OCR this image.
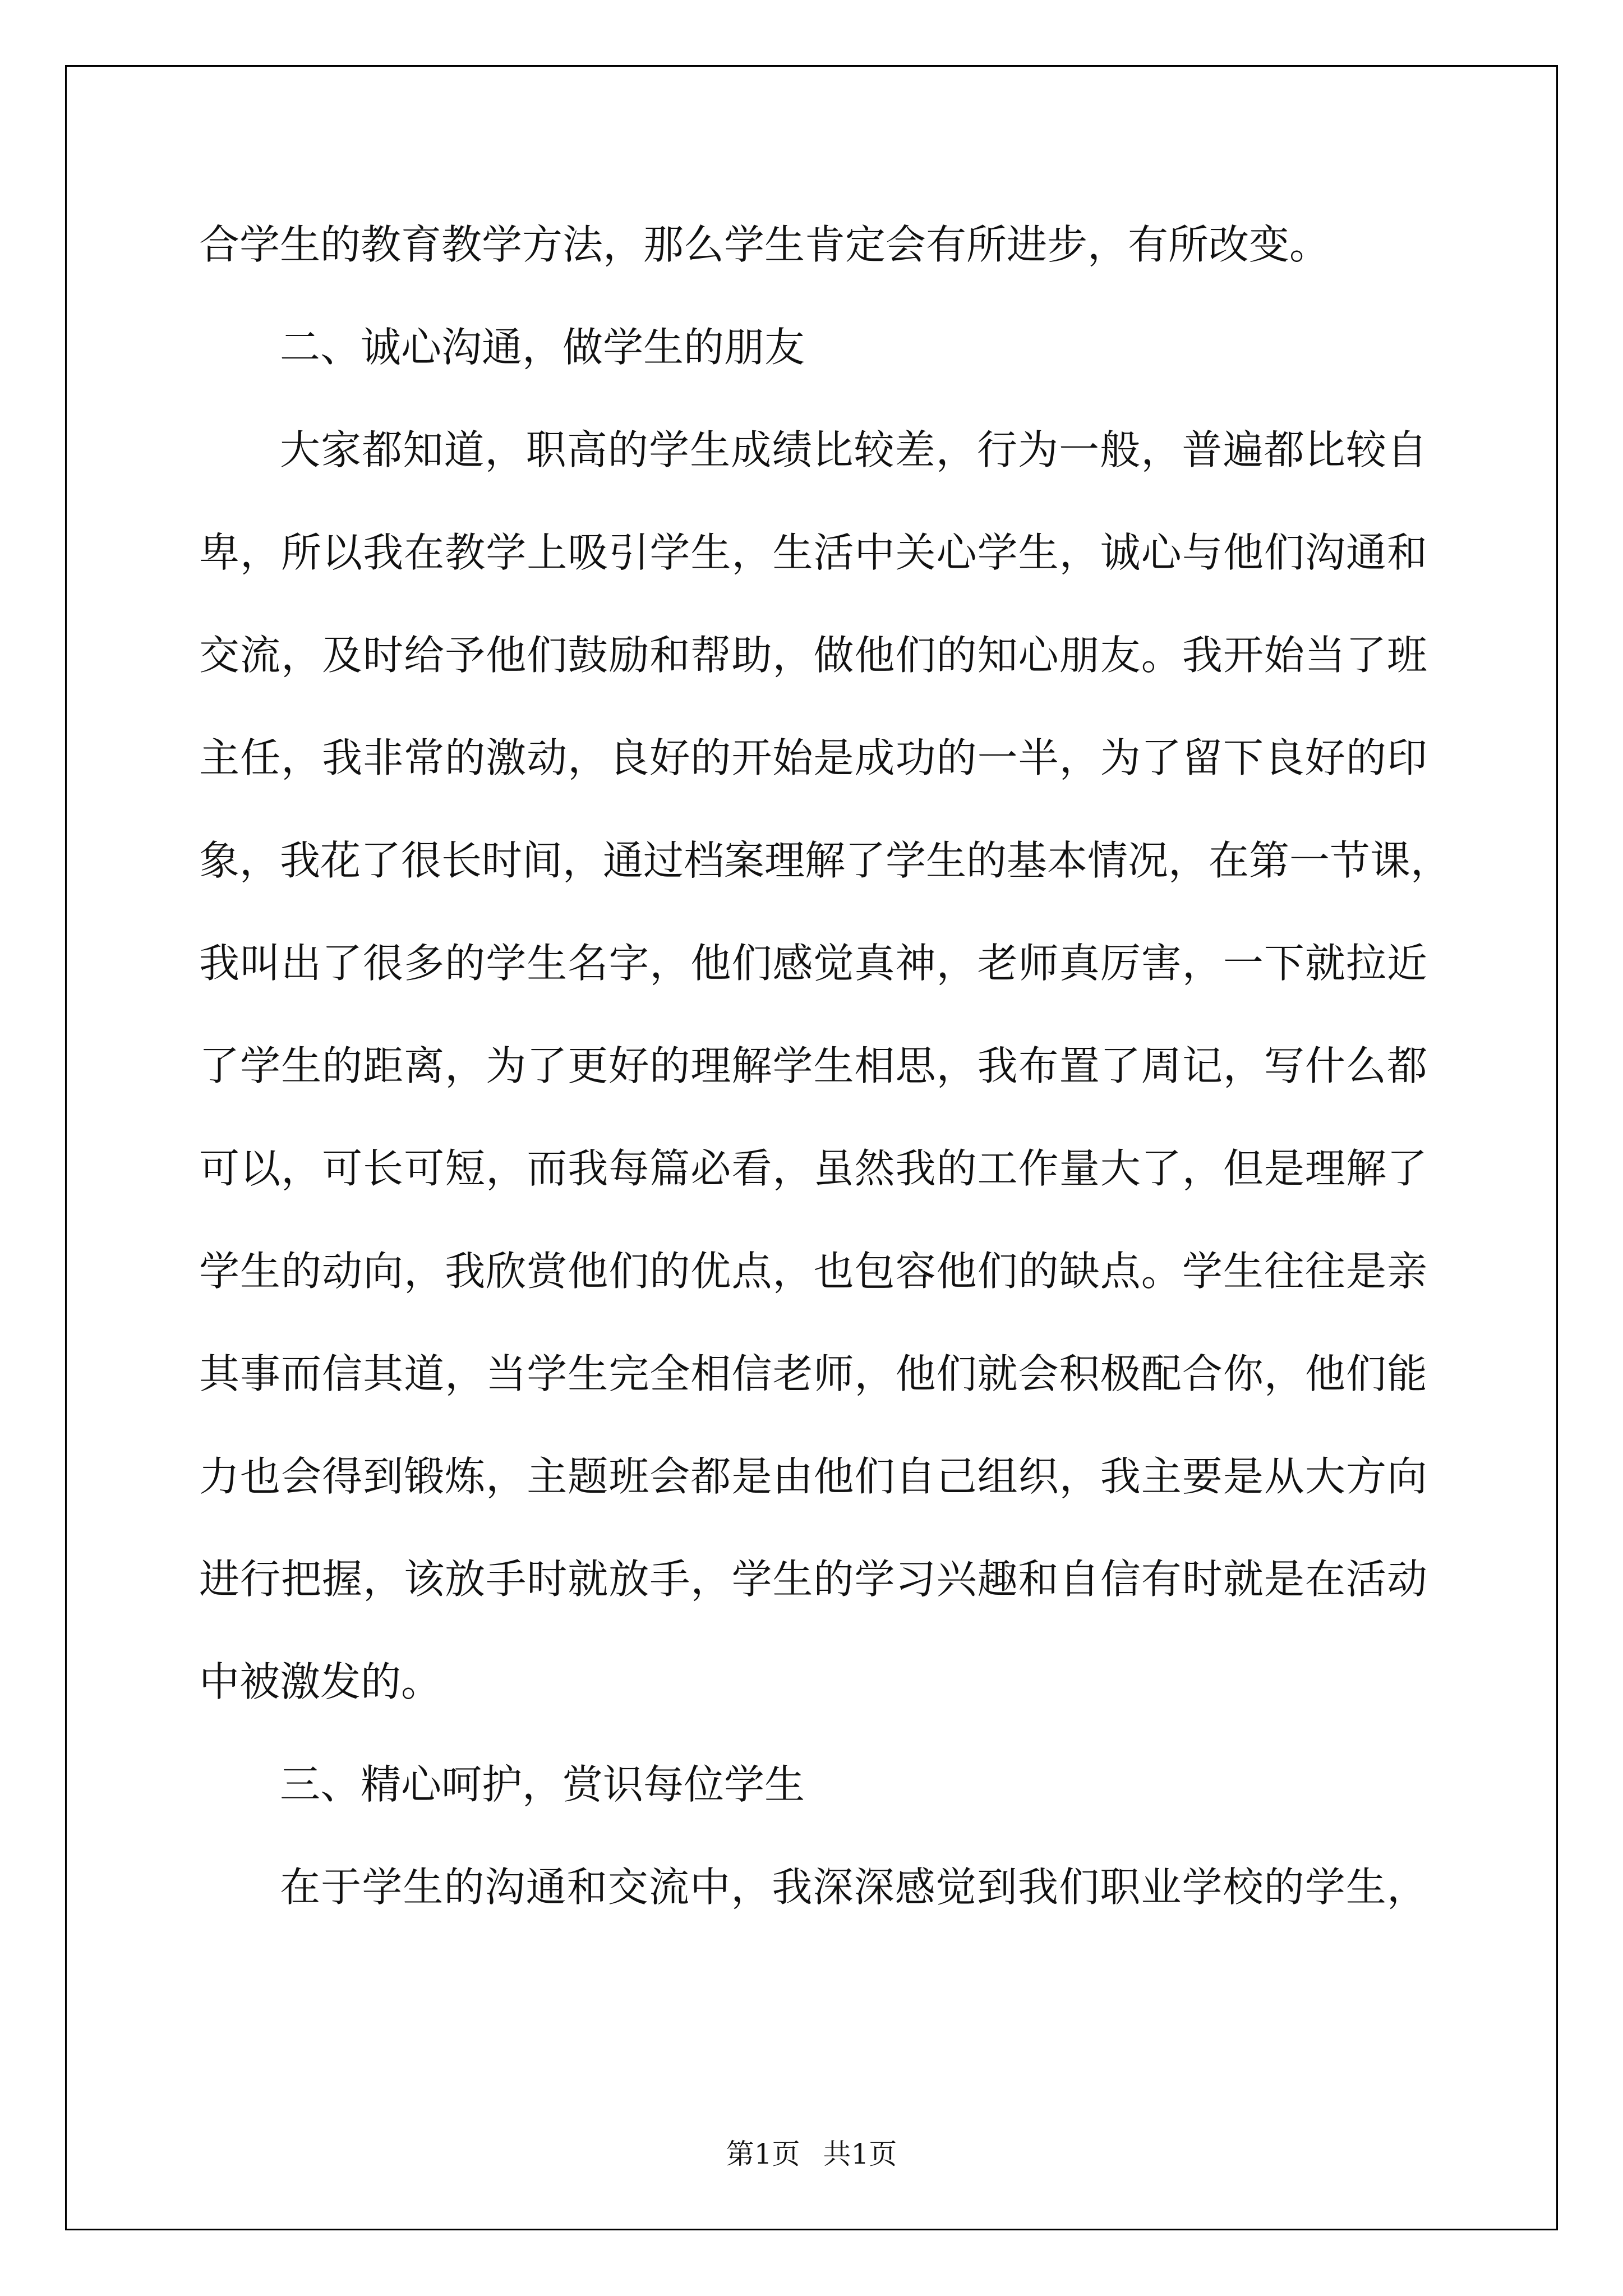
合学生的教育教学方法，那么学生肯定会有所进步，有所改变。
二、诚心沟通，做学生的朋友
大家都知道，职高的学生成绩比较差，行为一般，普遍都比较自
卑，所以我在教学上吸引学生，生活中关心学生，诚心与他们沟通和
交流，及时给予他们鼓励和帮助，做他们的知心朋友。我开始当了班
主任，我非常的激动，良好的开始是成功的一半，为了留下良好的印
象，我花了很长时间，通过档案理解了学生的基本情况，在第一节课，
我叫出了很多的学生名字，他们感觉真神，老师真厉害，一下就拉近
了学生的距离，为了更好的理解学生相思，我布置了周记，写什么都
可以，可长可短，而我每篇必看，虽然我的工作量大了，但是理解了
学生的动向，我欣赏他们的优点，也包容他们的缺点。学生往往是亲
其事而信其道，当学生完全相信老师，他们就会积极配合你，他们能
力也会得到锻炼，主题班会都是由他们自己组织，我主要是从大方向
进行把握，该放手时就放手，学生的学习兴趣和自信有时就是在活动
中被激发的。
三、精心呵护，赏识每位学生
在于学生的沟通和交流中，我深深感觉到我们职业学校的学生，
第1页 共1页
